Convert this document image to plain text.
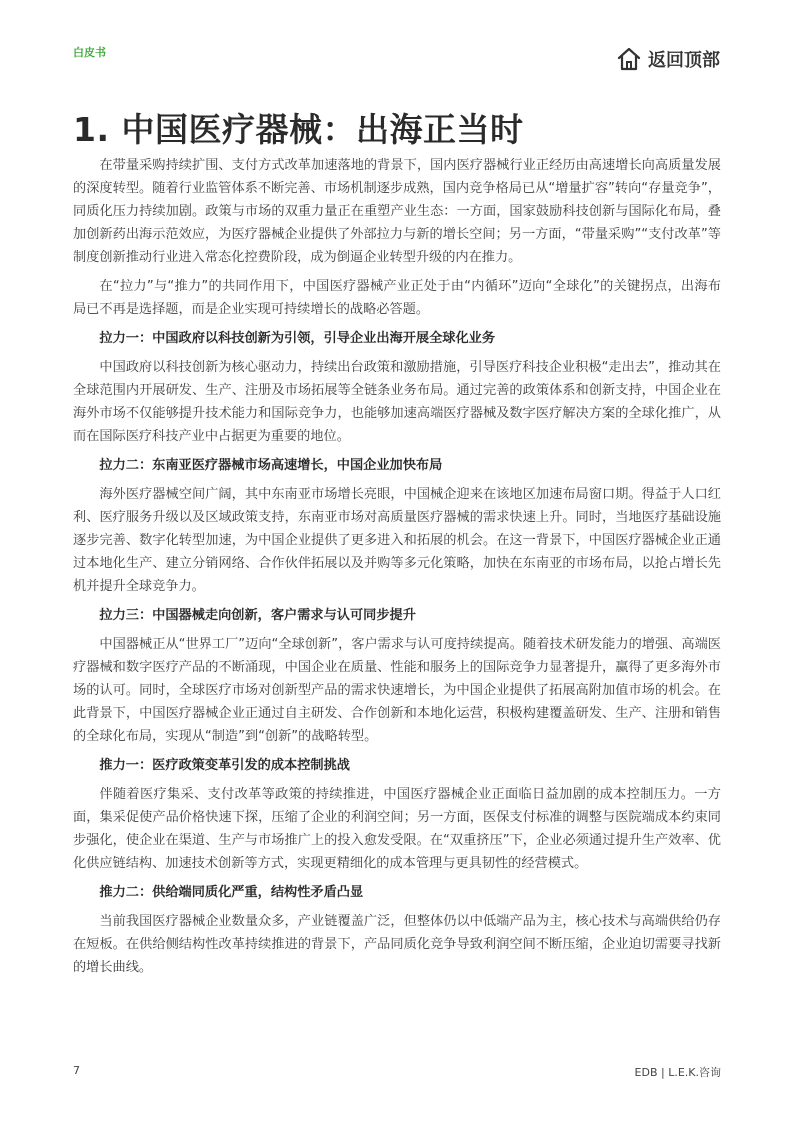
白皮书	返回顶部
1. 中国医疗器械：出海正当时

在带量采购持续扩围、支付方式改革加速落地的背景下，国内医疗器械行业正经历由高速增长向高质量发展的深度转型。随着行业监管体系不断完善、市场机制逐步成熟，国内竞争格局已从“增量扩容”转向“存量竞争”，同质化压力持续加剧。政策与市场的双重力量正在重塑产业生态：一方面，国家鼓励科技创新与国际化布局，叠加创新药出海示范效应，为医疗器械企业提供了外部拉力与新的增长空间；另一方面，“带量采购”“支付改革”等制度创新推动行业进入常态化控费阶段，成为倒逼企业转型升级的内在推力。

在“拉力”与“推力”的共同作用下，中国医疗器械产业正处于由“内循环”迈向“全球化”的关键拐点，出海布局已不再是选择题，而是企业实现可持续增长的战略必答题。

拉力一：中国政府以科技创新为引领，引导企业出海开展全球化业务

中国政府以科技创新为核心驱动力，持续出台政策和激励措施，引导医疗科技企业积极“走出去”，推动其在全球范围内开展研发、生产、注册及市场拓展等全链条业务布局。通过完善的政策体系和创新支持，中国企业在海外市场不仅能够提升技术能力和国际竞争力，也能够加速高端医疗器械及数字医疗解决方案的全球化推广，从而在国际医疗科技产业中占据更为重要的地位。

拉力二：东南亚医疗器械市场高速增长，中国企业加快布局

海外医疗器械空间广阔，其中东南亚市场增长亮眼，中国械企迎来在该地区加速布局窗口期。得益于人口红利、医疗服务升级以及区域政策支持，东南亚市场对高质量医疗器械的需求快速上升。同时，当地医疗基础设施逐步完善、数字化转型加速，为中国企业提供了更多进入和拓展的机会。在这一背景下，中国医疗器械企业正通过本地化生产、建立分销网络、合作伙伴拓展以及并购等多元化策略，加快在东南亚的市场布局，以抢占增长先机并提升全球竞争力。

拉力三：中国器械走向创新，客户需求与认可同步提升

中国器械正从“世界工厂”迈向“全球创新”，客户需求与认可度持续提高。随着技术研发能力的增强、高端医疗器械和数字医疗产品的不断涌现，中国企业在质量、性能和服务上的国际竞争力显著提升，赢得了更多海外市场的认可。同时，全球医疗市场对创新型产品的需求快速增长，为中国企业提供了拓展高附加值市场的机会。在此背景下，中国医疗器械企业正通过自主研发、合作创新和本地化运营，积极构建覆盖研发、生产、注册和销售的全球化布局，实现从“制造”到“创新”的战略转型。

推力一：医疗政策变革引发的成本控制挑战

伴随着医疗集采、支付改革等政策的持续推进，中国医疗器械企业正面临日益加剧的成本控制压力。一方面，集采促使产品价格快速下探，压缩了企业的利润空间；另一方面，医保支付标准的调整与医院端成本约束同步强化，使企业在渠道、生产与市场推广上的投入愈发受限。在“双重挤压”下，企业必须通过提升生产效率、优化供应链结构、加速技术创新等方式，实现更精细化的成本管理与更具韧性的经营模式。

推力二：供给端同质化严重，结构性矛盾凸显

当前我国医疗器械企业数量众多，产业链覆盖广泛，但整体仍以中低端产品为主，核心技术与高端供给仍存在短板。在供给侧结构性改革持续推进的背景下，产品同质化竞争导致利润空间不断压缩，企业迫切需要寻找新的增长曲线。

7	EDB | L.E.K.咨询
